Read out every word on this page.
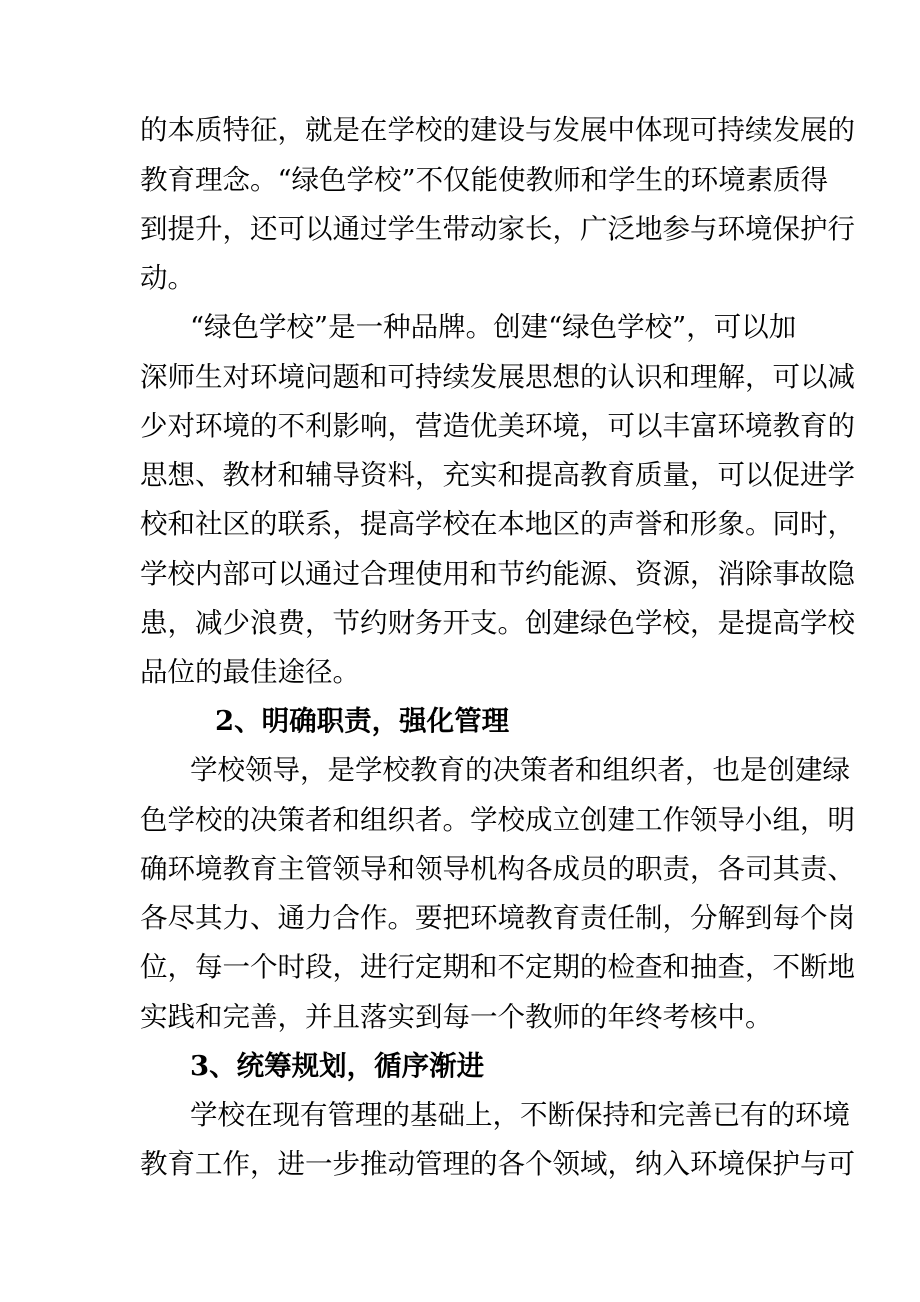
的本质特征，就是在学校的建设与发展中体现可持续发展的

教育理念。“绿色学校”不仅能使教师和学生的环境素质得

到提升，还可以通过学生带动家长，广泛地参与环境保护行

动。

“绿色学校”是一种品牌。创建“绿色学校”，可以加

深师生对环境问题和可持续发展思想的认识和理解，可以减

少对环境的不利影响，营造优美环境，可以丰富环境教育的

思想、教材和辅导资料，充实和提高教育质量，可以促进学

校和社区的联系，提高学校在本地区的声誉和形象。同时，

学校内部可以通过合理使用和节约能源、资源，消除事故隐

患，减少浪费，节约财务开支。创建绿色学校，是提高学校

品位的最佳途径。

2、明确职责，强化管理

学校领导，是学校教育的决策者和组织者，也是创建绿

色学校的决策者和组织者。学校成立创建工作领导小组，明

确环境教育主管领导和领导机构各成员的职责，各司其责、

各尽其力、通力合作。要把环境教育责任制，分解到每个岗

位，每一个时段，进行定期和不定期的检查和抽查，不断地

实践和完善，并且落实到每一个教师的年终考核中。

3、统筹规划，循序渐进

学校在现有管理的基础上，不断保持和完善已有的环境

教育工作，进一步推动管理的各个领域，纳入环境保护与可
